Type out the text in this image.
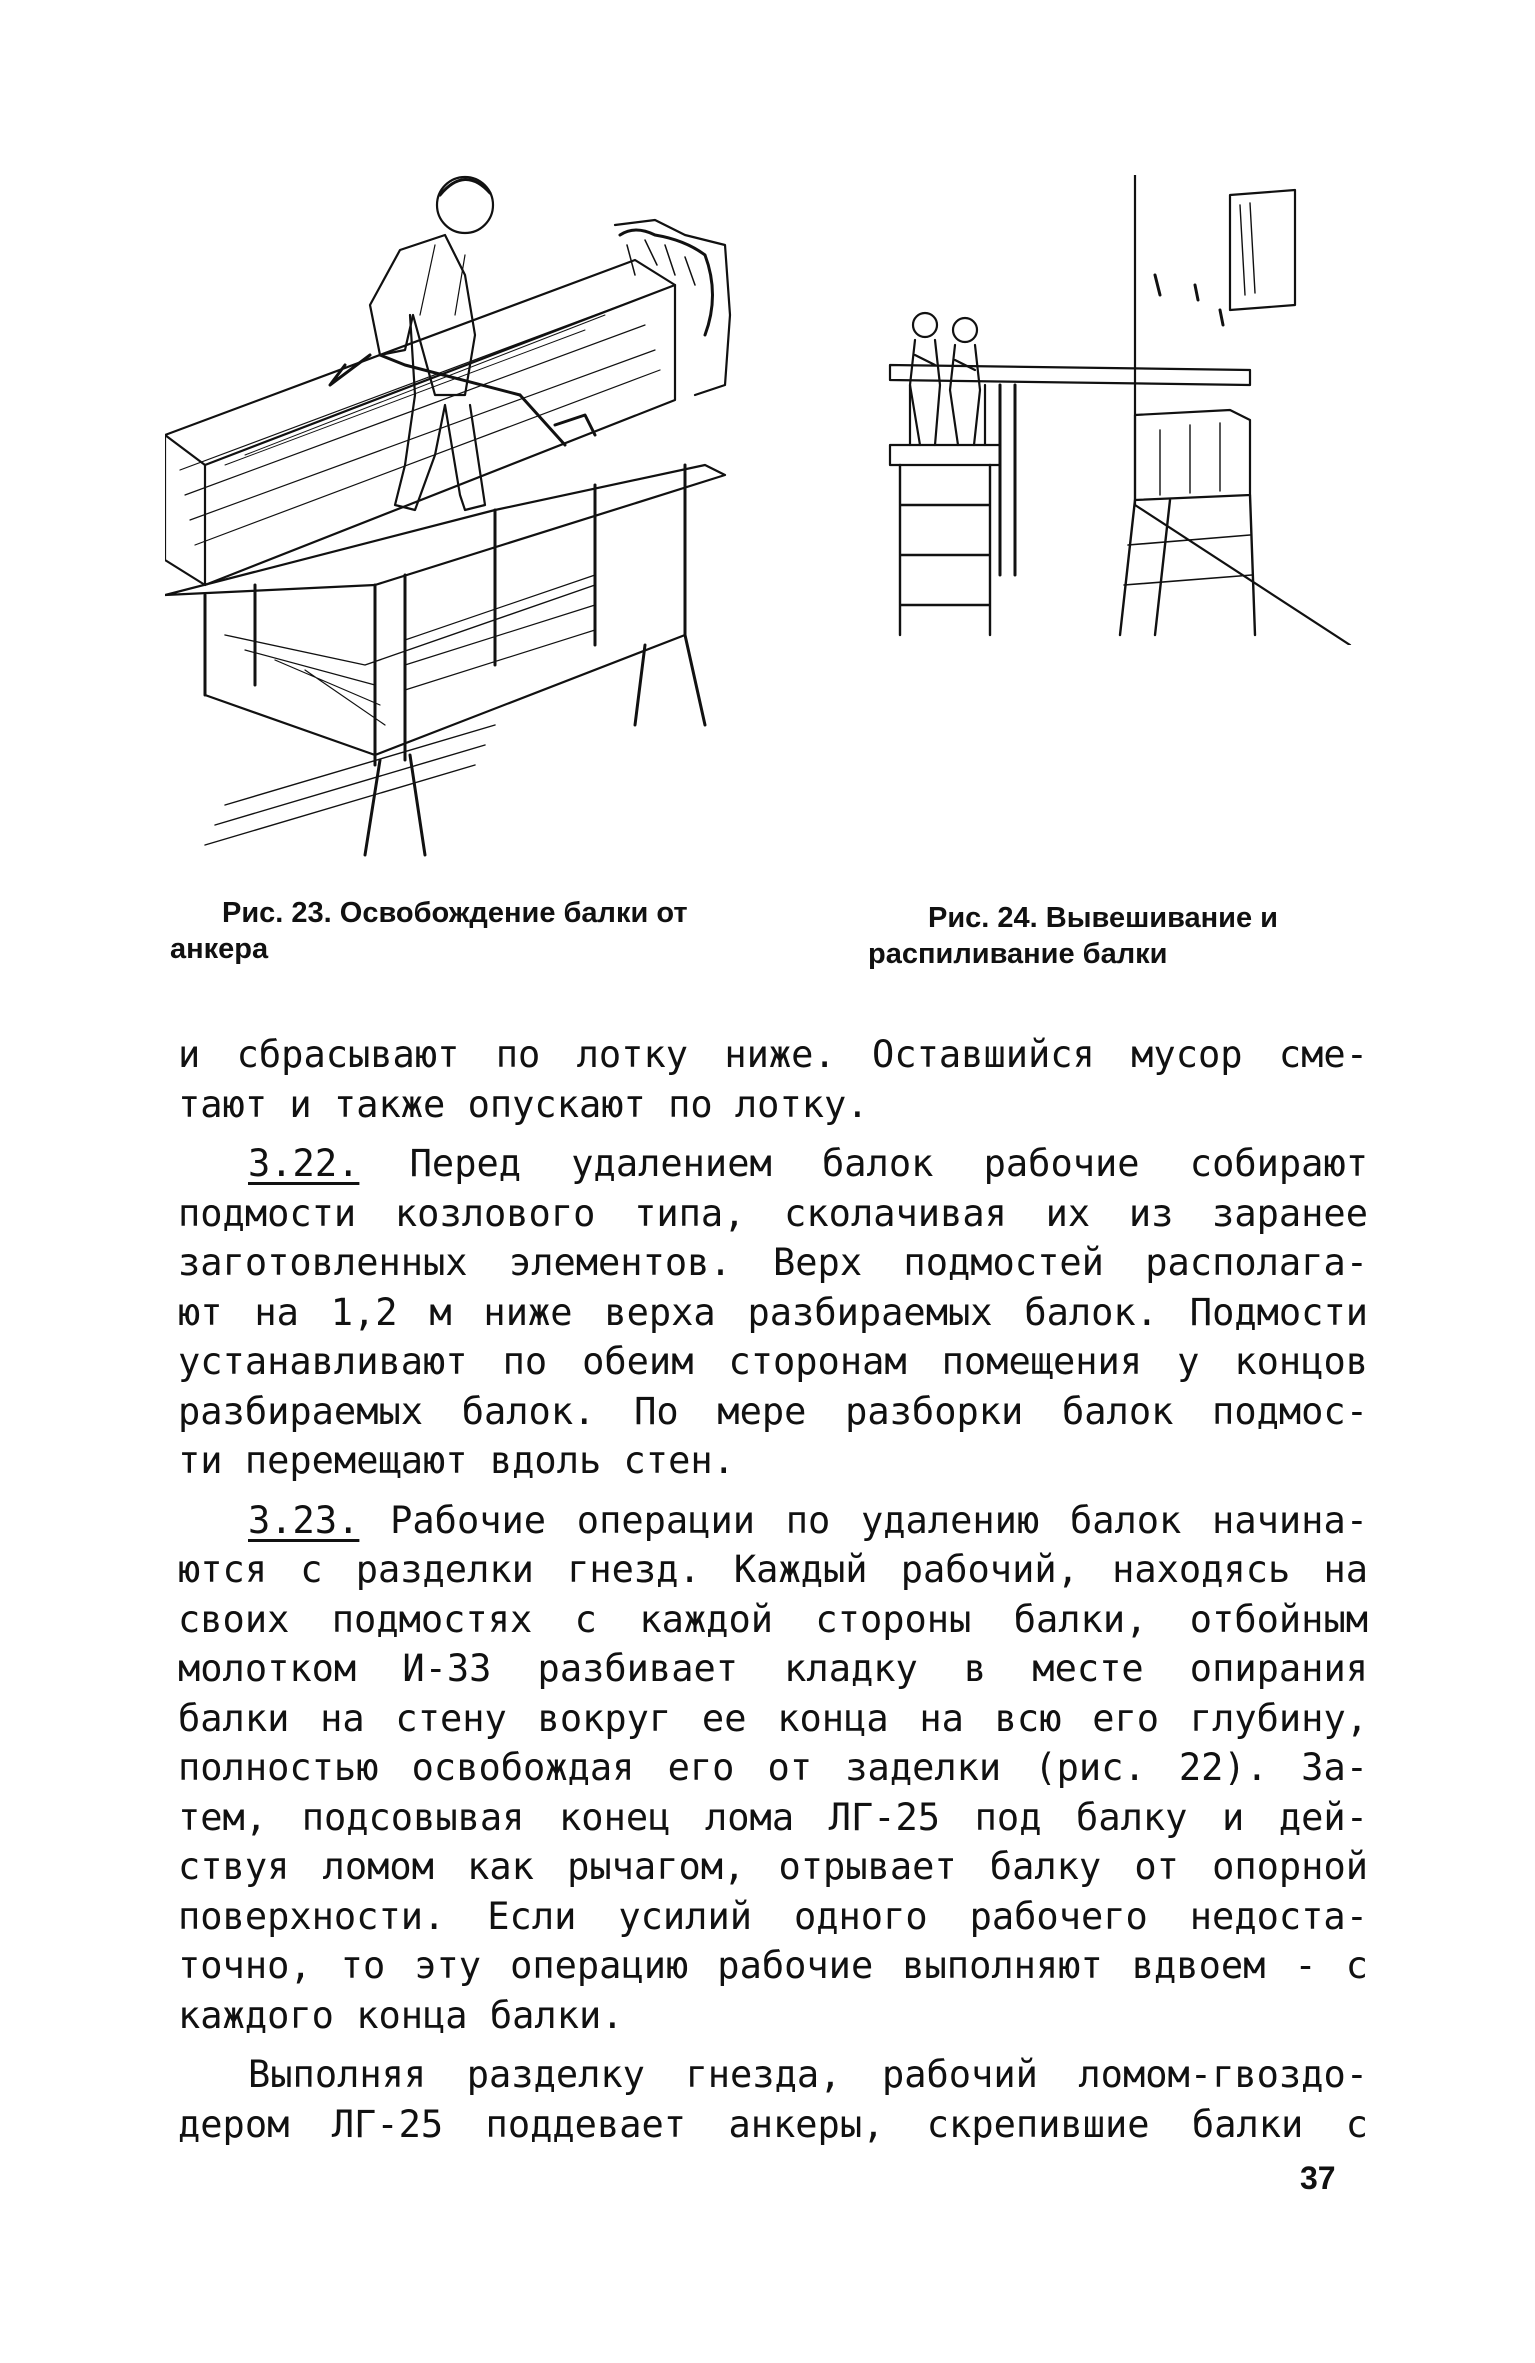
Рис. 23. Освобождение балки от
анкера
Рис. 24. Вывешивание и
распиливание балки

и сбрасывают по лотку ниже. Оставшийся мусор сме-
тают и также опускают по лотку.

3.22. Перед удалением балок рабочие собирают
подмости козлового типа, сколачивая их из заранее
заготовленных элементов. Верх подмостей располага-
ют на 1,2 м ниже верха разбираемых балок. Подмости
устанавливают по обеим сторонам помещения у концов
разбираемых балок. По мере разборки балок подмос-
ти перемещают вдоль стен.

3.23. Рабочие операции по удалению балок начина-
ются с разделки гнезд. Каждый рабочий, находясь на
своих подмостях с каждой стороны балки, отбойным
молотком И-33 разбивает кладку в месте опирания
балки на стену вокруг ее конца на всю его глубину,
полностью освобождая его от заделки (рис. 22). За-
тем, подсовывая конец лома ЛГ-25 под балку и дей-
ствуя ломом как рычагом, отрывает балку от опорной
поверхности. Если усилий одного рабочего недоста-
точно, то эту операцию рабочие выполняют вдвоем - с
каждого конца балки.

Выполняя разделку гнезда, рабочий ломом-гвоздо-
дером ЛГ-25 поддевает анкеры, скрепившие балки с

37
